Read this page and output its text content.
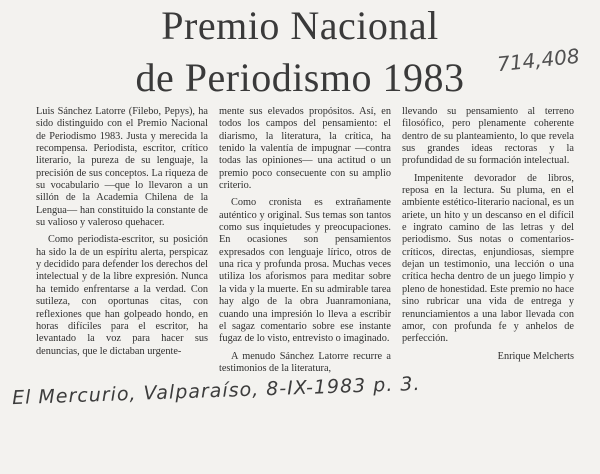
Premio Nacional
de Periodismo 1983	714,408

Luis Sánchez Latorre (Filebo, Pepys), ha sido distinguido con el Premio Nacional de Periodismo 1983. Justa y merecida la recompensa. Periodista, escritor, crítico literario, la pureza de su lenguaje, la precisión de sus conceptos. La riqueza de su vocabulario —que lo llevaron a un sillón de la Academia Chilena de la Lengua— han constituido la constante de su valioso y valeroso quehacer.

Como periodista-escritor, su posición ha sido la de un espíritu alerta, perspicaz y decidido para defender los derechos del intelectual y de la libre expresión. Nunca ha temido enfrentarse a la verdad. Con sutileza, con oportunas citas, con reflexiones que han golpeado hondo, en horas difíciles para el escritor, ha levantado la voz para hacer sus denuncias, que le dictaban urgente-

mente sus elevados propósitos. Así, en todos los campos del pensamiento: el diarismo, la literatura, la crítica, ha tenido la valentía de impugnar —contra todas las opiniones— una actitud o un premio poco consecuente con su amplio criterio.

Como cronista es extrañamente auténtico y original. Sus temas son tantos como sus inquietudes y preocupaciones. En ocasiones son pensamientos expresados con lenguaje lírico, otros de una rica y profunda prosa. Muchas veces utiliza los aforismos para meditar sobre la vida y la muerte. En su admirable tarea hay algo de la obra Juanramoniana, cuando una impresión lo lleva a escribir el sagaz comentario sobre ese instante fugaz de lo visto, entrevisto o imaginado.

A menudo Sánchez Latorre recurre a testimonios de la literatura,

llevando su pensamiento al terreno filosófico, pero plenamente coherente dentro de su planteamiento, lo que revela sus grandes ideas rectoras y la profundidad de su formación intelectual.

Impenitente devorador de libros, reposa en la lectura. Su pluma, en el ambiente estético-literario nacional, es un ariete, un hito y un descanso en el difícil e ingrato camino de las letras y del periodismo. Sus notas o comentarios-críticos, directas, enjundiosas, siempre dejan un testimonio, una lección o una crítica hecha dentro de un juego limpio y pleno de honestidad. Este premio no hace sino rubricar una vida de entrega y renunciamientos a una labor llevada con amor, con profunda fe y anhelos de perfección.

Enrique Melcherts
El Mercurio, Valparaíso, 8-IX-1983 p. 3.
